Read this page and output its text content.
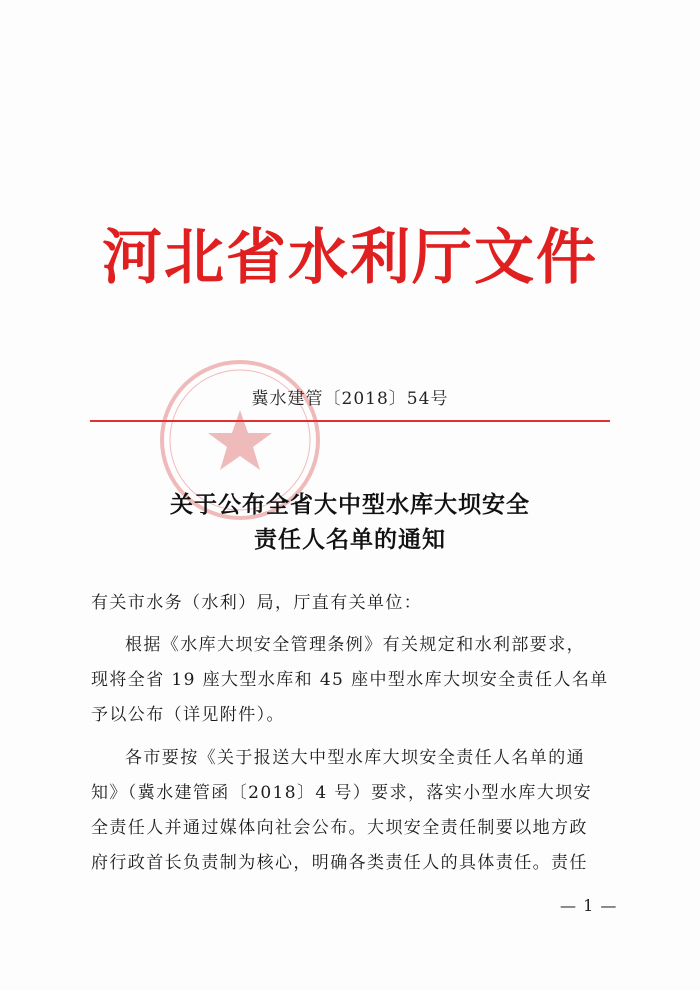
河北省水利厅文件
冀水建管〔2018〕54号
关于公布全省大中型水库大坝安全
责任人名单的通知
有关市水务（水利）局，厅直有关单位：
根据《水库大坝安全管理条例》有关规定和水利部要求，
现将全省 19 座大型水库和 45 座中型水库大坝安全责任人名单
予以公布（详见附件）。
各市要按《关于报送大中型水库大坝安全责任人名单的通
知》（冀水建管函〔2018〕4 号）要求，落实小型水库大坝安
全责任人并通过媒体向社会公布。大坝安全责任制要以地方政
府行政首长负责制为核心，明确各类责任人的具体责任。责任
— 1 —
